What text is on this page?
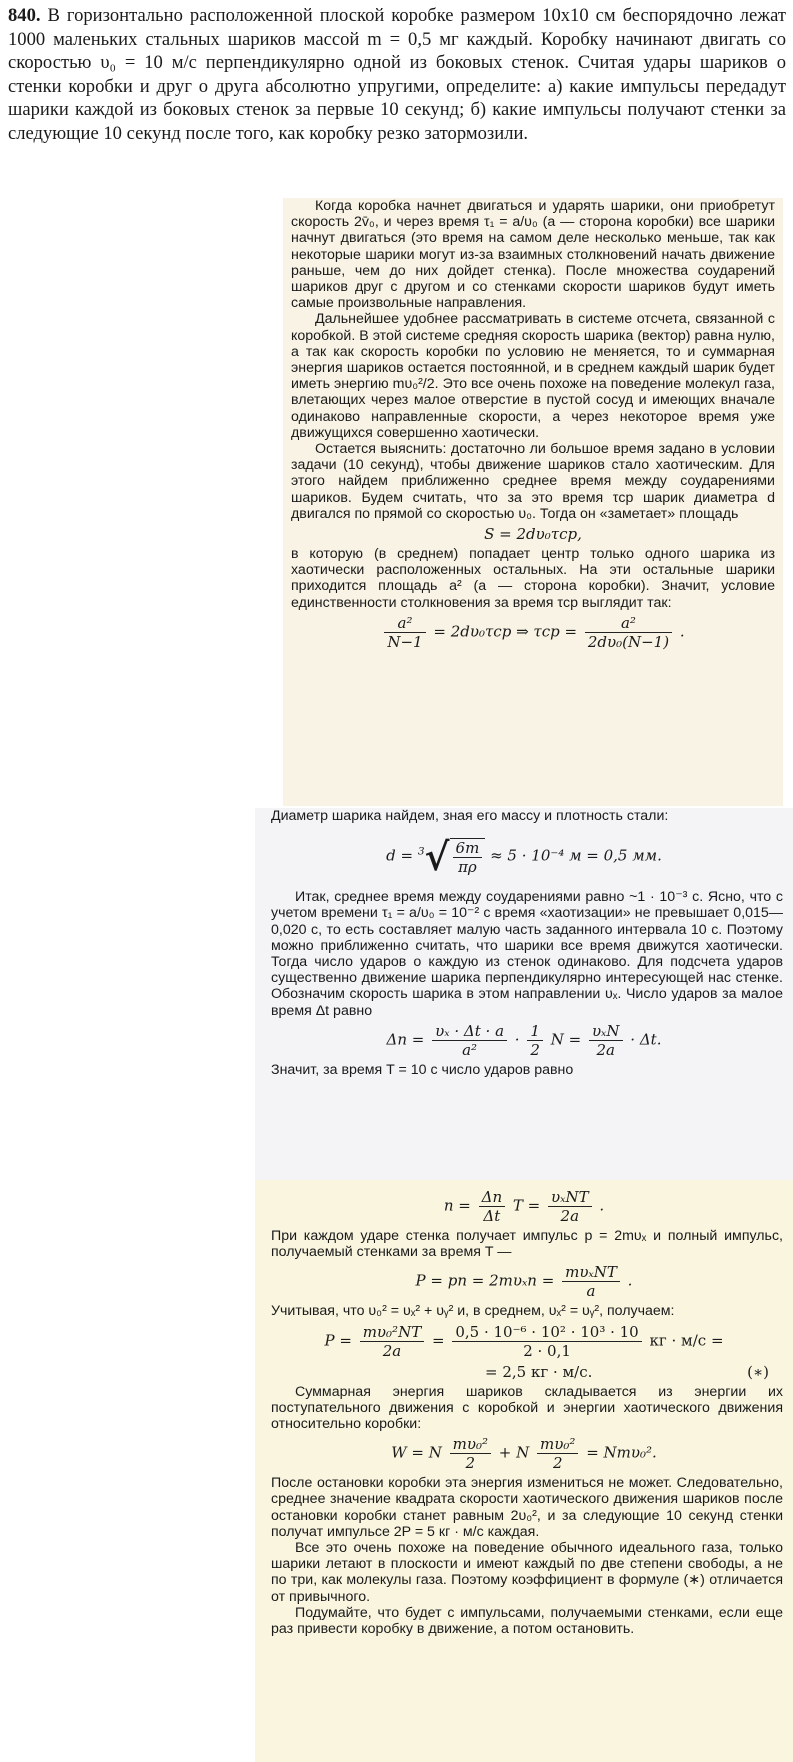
840. В горизонтально расположенной плоской коробке размером 10х10 см беспорядочно лежат 1000 маленьких стальных шариков массой m = 0,5 мг каждый. Коробку начинают двигать со скоростью υ₀ = 10 м/с перпендикулярно одной из боковых стенок. Считая удары шариков о стенки коробки и друг о друга абсолютно упругими, определите: а) какие импульсы передадут шарики каждой из боковых стенок за первые 10 секунд; б) какие импульсы получают стенки за следующие 10 секунд после того, как коробку резко затормозили.

Когда коробка начнет двигаться и ударять шарики, они приобретут скорость 2v̄₀, и через время τ₁ = a/υ₀ (a — сторона коробки) все шарики начнут двигаться (это время на самом деле несколько меньше, так как некоторые шарики могут из-за взаимных столкновений начать движение раньше, чем до них дойдет стенка). После множества соударений шариков друг с другом и со стенками скорости шариков будут иметь самые произвольные направления.

Дальнейшее удобнее рассматривать в системе отсчета, связанной с коробкой. В этой системе средняя скорость шарика (вектор) равна нулю, а так как скорость коробки по условию не меняется, то и суммарная энергия шариков остается постоянной, и в среднем каждый шарик будет иметь энергию mυ₀²/2. Это все очень похоже на поведение молекул газа, влетающих через малое отверстие в пустой сосуд и имеющих вначале одинаково направленные скорости, а через некоторое время уже движущихся совершенно хаотически.

Остается выяснить: достаточно ли большое время задано в условии задачи (10 секунд), чтобы движение шариков стало хаотическим. Для этого найдем приближенно среднее время между соударениями шариков. Будем считать, что за это время τср шарик диаметра d двигался по прямой со скоростью υ₀. Тогда он «заметает» площадь

S = 2dυ₀τср,

в которую (в среднем) попадает центр только одного шарика из хаотически расположенных остальных. На эти остальные шарики приходится площадь a² (a — сторона коробки). Значит, условие единственности столкновения за время τср выглядит так:

$\frac{\text{a²}}{N-1} = 2d\upsilon_0\tau ср$ ⇒ $\tau ср = \frac{\text{a²}}{\text{2dυ₀(N−1)}}$ .

Диаметр шарика найдем, зная его массу и плотность стали:

$d = ^3√ \frac{6m}{\pi\rho} \approx 5 \cdot 10^{-4}$ м = 0,5 мм.

Итак, среднее время между соударениями равно ~1 · 10⁻³ с. Ясно, что с учетом времени τ₁ = a/υ₀ = 10⁻² с время «хаотизации» не превышает 0,015—0,020 с, то есть составляет малую часть заданного интервала 10 с. Поэтому можно приближенно считать, что шарики все время движутся хаотически. Тогда число ударов о каждую из стенок одинаково. Для подсчета ударов существенно движение шарика перпендикулярно интересующей нас стенке. Обозначим скорость шарика в этом направлении υₓ. Число ударов за малое время Δt равно

$\Delta n = \frac{\text{υₓ · Δt · a}}{\text{a²}} \cdot \frac{1}{2}$ $N = \frac{\text{υₓN}}{2a} \cdot \Delta t$.

Значит, за время T = 10 с число ударов равно

$n = \frac{\Delta n}{\Delta t}$ $T = \frac{\text{υₓNT}}{2a}$ .

При каждом ударе стенка получает импульс p = 2mυₓ и полный импульс, получаемый стенками за время T —

P = pn = $2m\upsilon_xn = \frac{\text{mυₓNT}}{a}$ .

Учитывая, что υ₀² = υₓ² + υᵧ² и, в среднем, υₓ² = υᵧ², получаем:

$P = \frac{\text{mυ₀²NT}}{2a} = \frac{\text{0,5 · 10⁻⁶ · 10² · 10³ · 10}}{2 \cdot 0,1}$ кг · м/с =
= 2,5 кг · м/с.	(∗)

Суммарная энергия шариков складывается из энергии их поступательного движения с коробкой и энергии хаотического движения относительно коробки:

W = N $\frac{\text{mυ₀²}}{2} + N \frac{\text{mυ₀²}}{2} = Nm\upsilon_0^2$.

После остановки коробки эта энергия измениться не может. Следовательно, среднее значение квадрата скорости хаотического движения шариков после остановки коробки станет равным 2υ₀², и за следующие 10 секунд стенки получат импульсе 2P = 5 кг · м/с каждая.

Все это очень похоже на поведение обычного идеального газа, только шарики летают в плоскости и имеют каждый по две степени свободы, а не по три, как молекулы газа. Поэтому коэффициент в формуле (∗) отличается от привычного.

Подумайте, что будет с импульсами, получаемыми стенками, если еще раз привести коробку в движение, а потом остановить.
